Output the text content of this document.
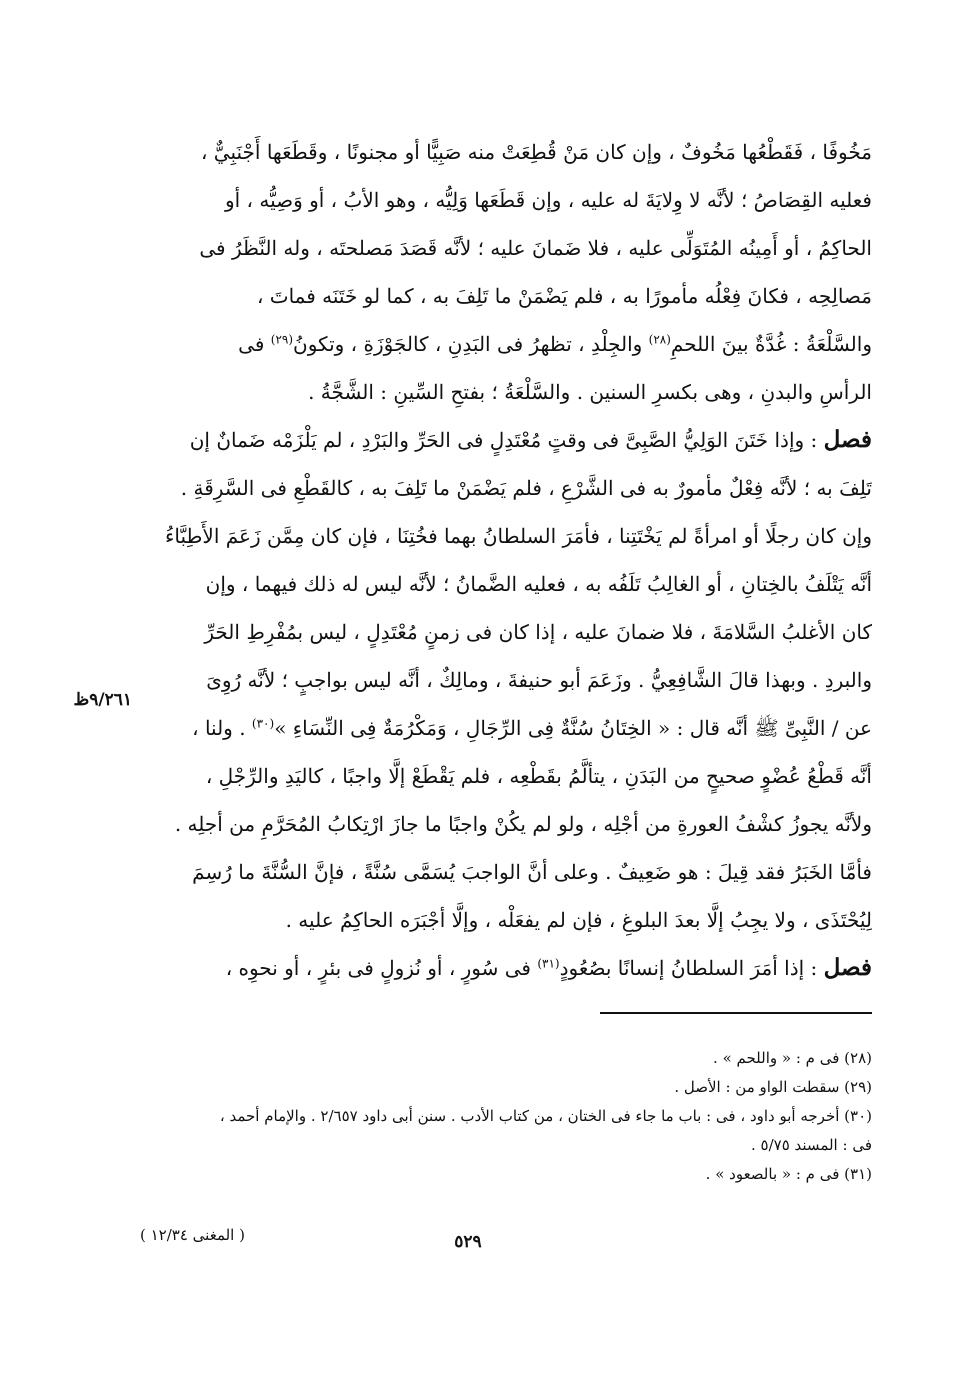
مَخُوفًا ، فَقَطْعُها مَخُوفٌ ، وإن كان مَنْ قُطِعَتْ منه صَبِيًّا أو مجنونًا ، وقَطَعَها أَجْنَبِيٌّ ،
فعليه القِصَاصُ ؛ لأنَّه لا وِلايَةَ له عليه ، وإن قَطَعَها وَلِيُّه ، وهو الأبُ ، أو وَصِيُّه ، أو
الحاكِمُ ، أو أَمِينُه المُتَوَلِّى عليه ، فلا ضَمانَ عليه ؛ لأنَّه قَصَدَ مَصلحتَه ، وله النَّظَرُ فى
مَصالِحِه ، فكانَ فِعْلُه مأمورًا به ، فلم يَضْمَنْ ما تَلِفَ به ، كما لو خَتَنَه فماتَ ،
والسَّلْعَةُ : غُدَّةٌ بينَ اللحمِ$^{(٢٨)}$ والجِلْدِ ، تظهرُ فى البَدِنِ ، كالجَوْزَةِ ، وتكونُ$^{(٢٩)}$ فى
الرأسِ والبدنِ ، وهى بكسرِ السنين . والسَّلْعَةُ ؛ بفتحِ السِّينِ : الشَّجَّةُ .
فصل : وإذا خَتَنَ الوَلِيُّ الصَّبِىَّ فى وقتٍ مُعْتَدِلٍ فى الحَرِّ والبَرْدِ ، لم يَلْزَمْه ضَمانٌ إن
تَلِفَ به ؛ لأنَّه فِعْلٌ مأمورٌ به فى الشَّرْعِ ، فلم يَضْمَنْ ما تَلِفَ به ، كالقَطْعِ فى السَّرِقَةِ .
وإن كان رجلًا أو امرأةً لم يَخْتَتِنا ، فأمَرَ السلطانُ بهما فخُتِنَا ، فإن كان مِمَّن زَعَمَ الأَطِبَّاءُ
أنَّه يَتْلَفُ بالخِتانِ ، أو الغالِبُ تَلَفُه به ، فعليه الضَّمانُ ؛ لأنَّه ليس له ذلك فيهما ، وإن
كان الأغلبُ السَّلامَةَ ، فلا ضمانَ عليه ، إذا كان فى زمنٍ مُعْتَدِلٍ ، ليس بمُفْرِطِ الحَرِّ
والبردِ . وبهذا قالَ الشَّافِعِيُّ . وزَعَمَ أبو حنيفةَ ، ومالِكٌ ، أنَّه ليس بواجبٍ ؛ لأنَّه رُوِىَ
عن / النَّبِىِّ ﷺ أنَّه قال : « الخِتَانُ سُنَّةٌ فِى الرِّجَالِ ، وَمَكْرُمَةٌ فِى النِّسَاءِ »$^{(٣٠)}$ . ولنا ،
أنَّه قَطْعُ عُضْوٍ صحيحٍ من البَدَنِ ، يتألَّمُ بقَطْعِه ، فلم يَقْطَعْ إلَّا واجبًا ، كاليَدِ والرِّجْلِ ،
ولأنَّه يجوزُ كشْفُ العورةِ من أجْلِه ، ولو لم يكُنْ واجبًا ما جازَ ارْتِكابُ المُحَرَّمِ من أجلِه .
فأمَّا الخَبَرُ فقد قِيلَ : هو ضَعِيفٌ . وعلى أنَّ الواجبَ يُسَمَّى سُنَّةً ، فإنَّ السُّنَّةَ ما رُسِمَ
لِيُحْتَذَى ، ولا يجِبُ إلَّا بعدَ البلوغِ ، فإن لم يفعَلْه ، وإلَّا أجْبَرَه الحاكِمُ عليه .
فصل : إذا أمَرَ السلطانُ إنسانًا بصُعُودٍ$^{(٣١)}$ فى سُورٍ ، أو نُزولٍ فى بئرٍ ، أو نحوِه ،
٩/٢٦١ظ
(٢٨) فى م : « واللحم » .
(٢٩) سقطت الواو من : الأصل .
(٣٠) أخرجه أبو داود ، فى : باب ما جاء فى الختان ، من كتاب الأدب . سنن أبى داود ٢/٦٥٧ . والإمام أحمد ،
فى : المسند ٥/٧٥ .
(٣١) فى م : « بالصعود » .
( المغنى ١٢/٣٤ )	٥٢٩
